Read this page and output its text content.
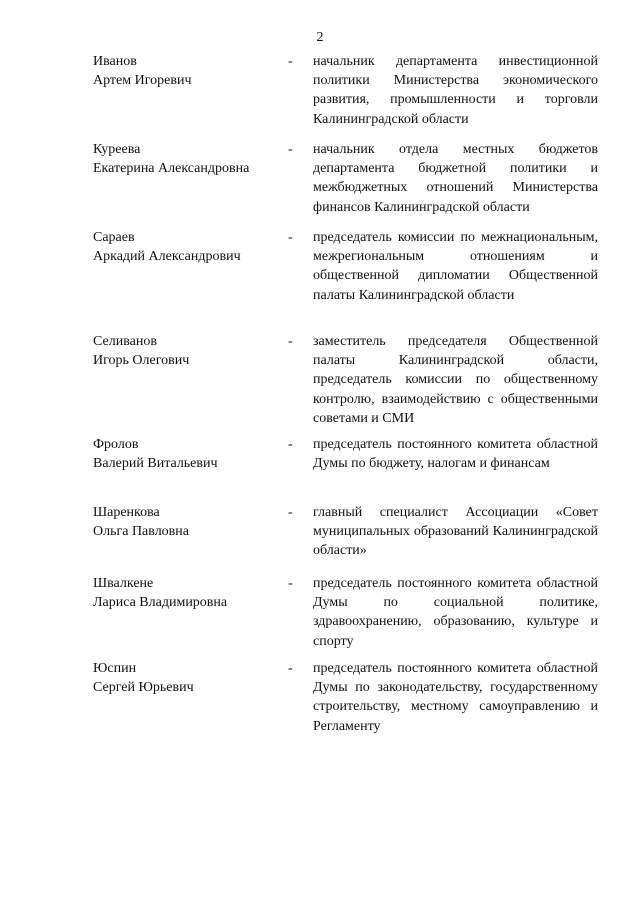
2
Иванов
Артем Игоревич
- начальник департамента инвестиционной политики Министерства экономического развития, промышленности и торговли Калининградской области
Куреева
Екатерина Александровна
- начальник отдела местных бюджетов департамента бюджетной политики и межбюджетных отношений Министерства финансов Калининградской области
Сараев
Аркадий Александрович
- председатель комиссии по межнациональным, межрегиональным отношениям и общественной дипломатии Общественной палаты Калининградской области
Селиванов
Игорь Олегович
- заместитель председателя Общественной палаты Калининградской области, председатель комиссии по общественному контролю, взаимодействию с общественными советами и СМИ
Фролов
Валерий Витальевич
- председатель постоянного комитета областной Думы по бюджету, налогам и финансам
Шаренкова
Ольга Павловна
- главный специалист Ассоциации «Совет муниципальных образований Калининградской области»
Швалкене
Лариса Владимировна
- председатель постоянного комитета областной Думы по социальной политике, здравоохранению, образованию, культуре и спорту
Юспин
Сергей Юрьевич
- председатель постоянного комитета областной Думы по законодательству, государственному строительству, местному самоуправлению и Регламенту
